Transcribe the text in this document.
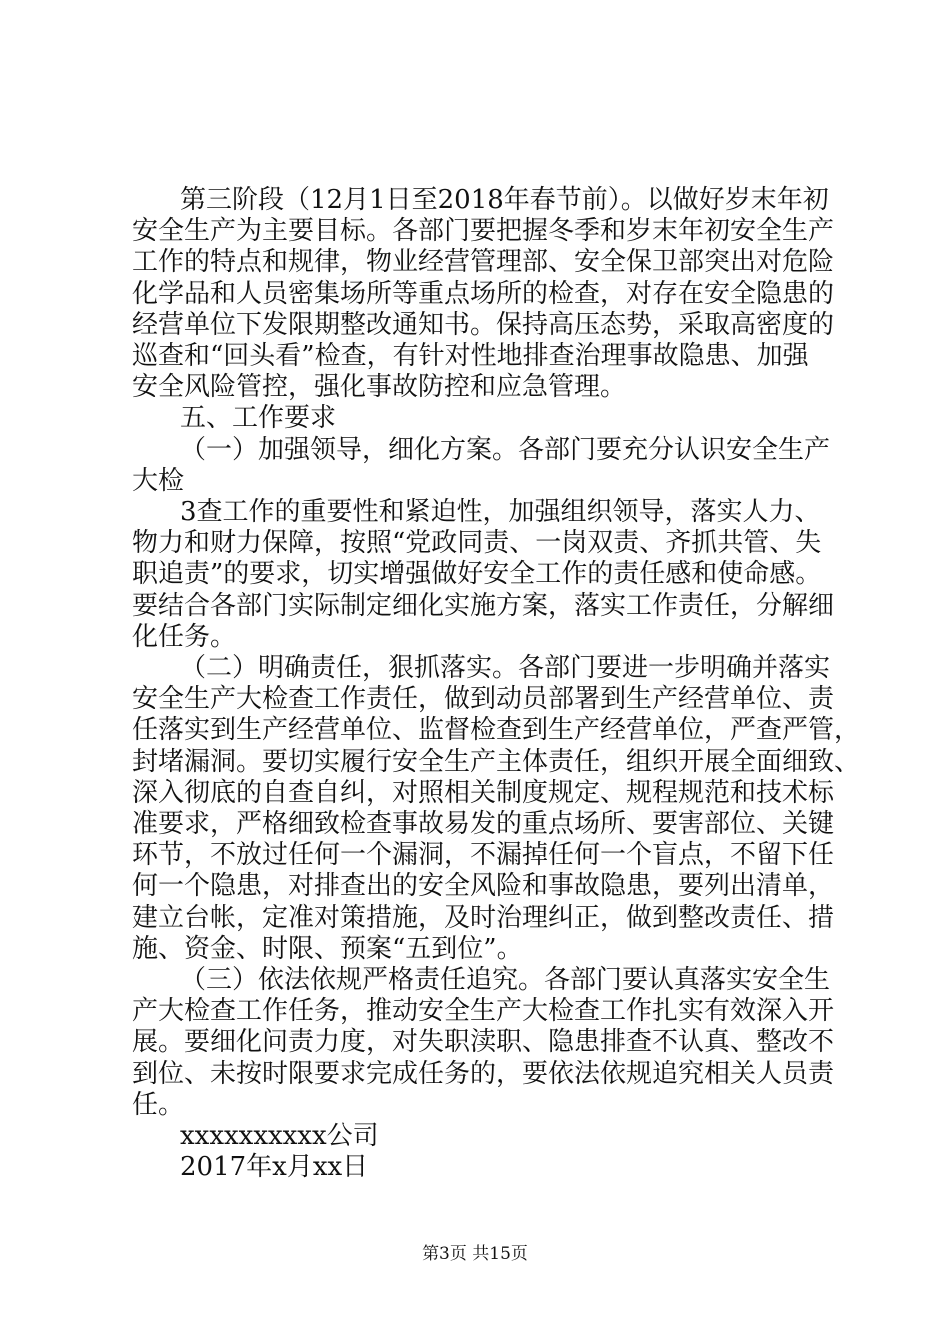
第三阶段（12月1日至2018年春节前）。以做好岁末年初
安全生产为主要目标。各部门要把握冬季和岁末年初安全生产
工作的特点和规律，物业经营管理部、安全保卫部突出对危险
化学品和人员密集场所等重点场所的检查，对存在安全隐患的
经营单位下发限期整改通知书。保持高压态势，采取高密度的
巡查和“回头看”检查，有针对性地排查治理事故隐患、加强
安全风险管控，强化事故防控和应急管理。
五、工作要求
（一）加强领导，细化方案。各部门要充分认识安全生产
大检
3查工作的重要性和紧迫性，加强组织领导，落实人力、
物力和财力保障，按照“党政同责、一岗双责、齐抓共管、失
职追责”的要求，切实增强做好安全工作的责任感和使命感。
要结合各部门实际制定细化实施方案，落实工作责任，分解细
化任务。
（二）明确责任，狠抓落实。各部门要进一步明确并落实
安全生产大检查工作责任，做到动员部署到生产经营单位、责
任落实到生产经营单位、监督检查到生产经营单位，严查严管，
封堵漏洞。要切实履行安全生产主体责任，组织开展全面细致、
深入彻底的自查自纠，对照相关制度规定、规程规范和技术标
准要求，严格细致检查事故易发的重点场所、要害部位、关键
环节，不放过任何一个漏洞，不漏掉任何一个盲点，不留下任
何一个隐患，对排查出的安全风险和事故隐患，要列出清单，
建立台帐，定准对策措施，及时治理纠正，做到整改责任、措
施、资金、时限、预案“五到位”。
（三）依法依规严格责任追究。各部门要认真落实安全生
产大检查工作任务，推动安全生产大检查工作扎实有效深入开
展。要细化问责力度，对失职渎职、隐患排查不认真、整改不
到位、未按时限要求完成任务的，要依法依规追究相关人员责
任。
xxxxxxxxxx公司
2017年x月xx日
第3页 共15页
